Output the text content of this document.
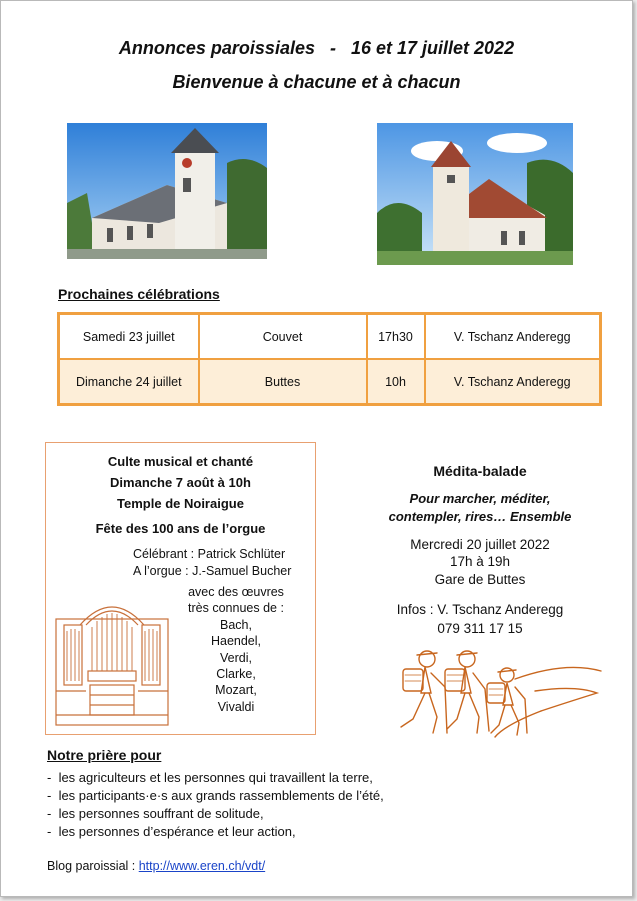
Annonces paroissiales   -   16 et 17 juillet 2022
Bienvenue à chacune et à chacun
Prochaines célébrations
Samedi 23 juillet	Couvet	17h30	V. Tschanz Anderegg
Dimanche 24 juillet	Buttes	10h	V. Tschanz Anderegg
Culte musical et chanté
Dimanche 7 août à 10h
Temple de Noiraigue
Fête des 100 ans de l’orgue
Célébrant : Patrick Schlüter
A l’orgue : J.-Samuel Bucher
avec des œuvres
très connues de :
Bach,
Haendel,
Verdi,
Clarke,
Mozart,
Vivaldi
Médita-balade
Pour marcher, méditer,
contempler, rires… Ensemble
Mercredi 20 juillet 2022
17h à 19h
Gare de Buttes
Infos : V. Tschanz Anderegg
079 311 17 15
Notre prière pour
- les agriculteurs et les personnes qui travaillent la terre,
- les participants·e·s aux grands rassemblements de l’été,
- les personnes souffrant de solitude,
- les personnes d’espérance et leur action,
Blog paroissial : http://www.eren.ch/vdt/
